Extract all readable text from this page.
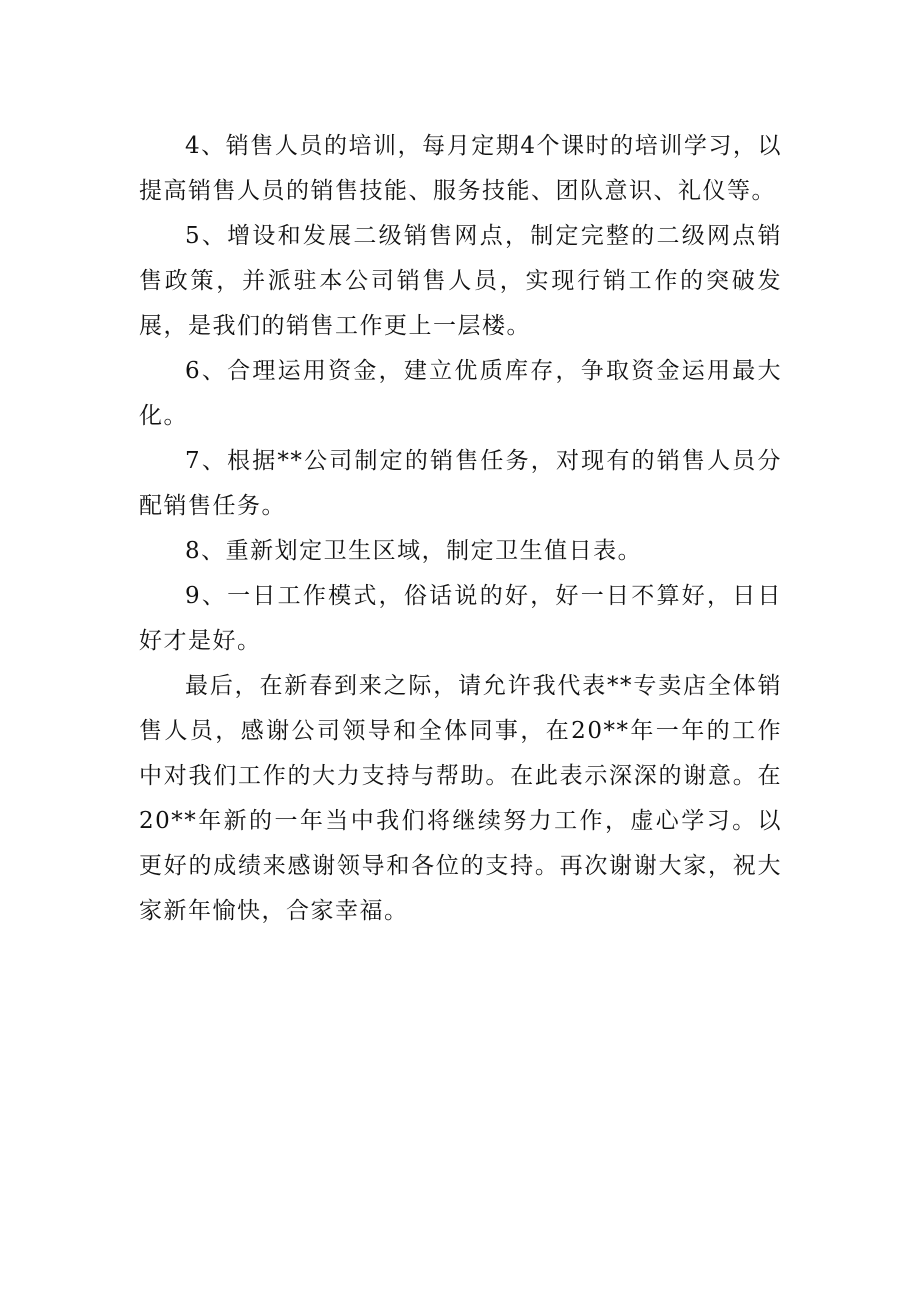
4、销售人员的培训，每月定期4个课时的培训学习，以提高销售人员的销售技能、服务技能、团队意识、礼仪等。

5、增设和发展二级销售网点，制定完整的二级网点销售政策，并派驻本公司销售人员，实现行销工作的突破发展，是我们的销售工作更上一层楼。

6、合理运用资金，建立优质库存，争取资金运用最大化。

7、根据**公司制定的销售任务，对现有的销售人员分配销售任务。

8、重新划定卫生区域，制定卫生值日表。

9、一日工作模式，俗话说的好，好一日不算好，日日好才是好。

最后，在新春到来之际，请允许我代表**专卖店全体销售人员，感谢公司领导和全体同事，在20**年一年的工作中对我们工作的大力支持与帮助。在此表示深深的谢意。在20**年新的一年当中我们将继续努力工作，虚心学习。以更好的成绩来感谢领导和各位的支持。再次谢谢大家，祝大家新年愉快，合家幸福。
